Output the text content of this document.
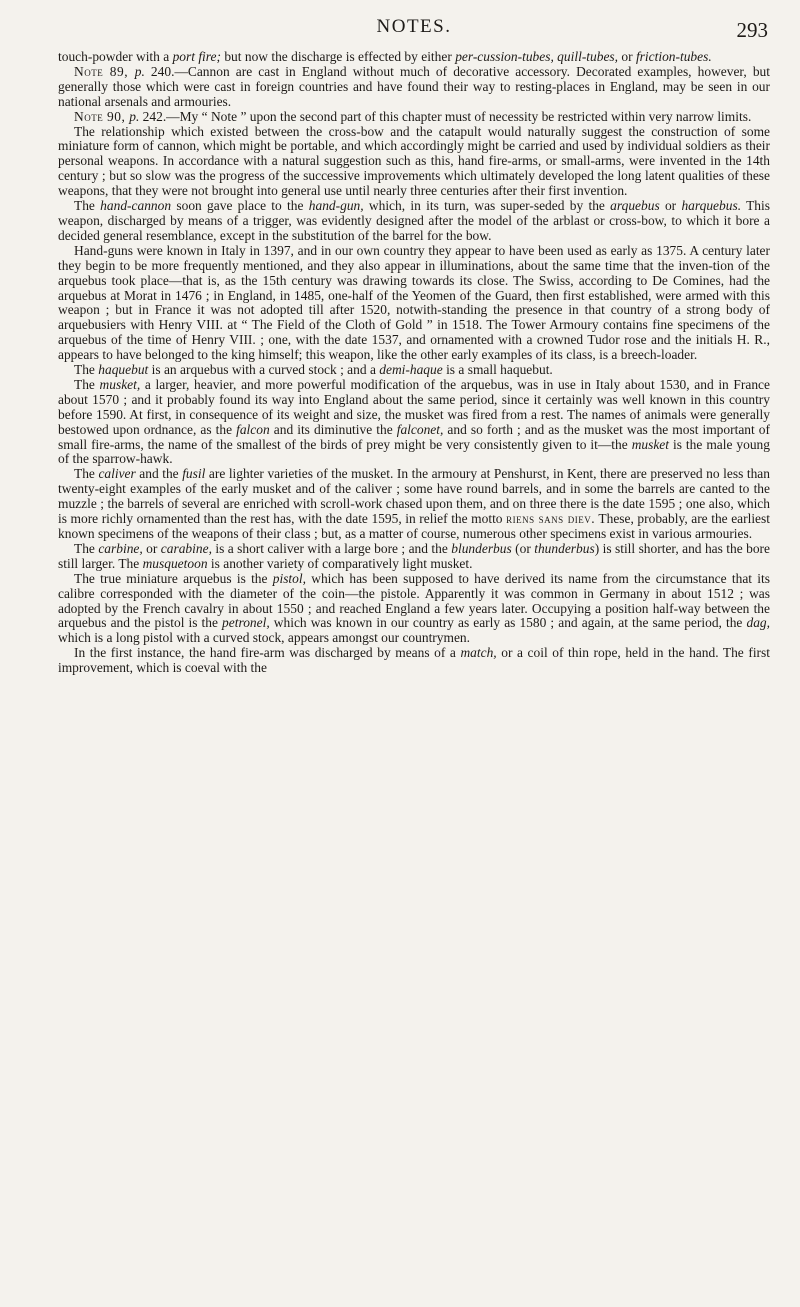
NOTES.	293

touch-powder with a port fire; but now the discharge is effected by either per-cussion-tubes, quill-tubes, or friction-tubes.

Note 89, p. 240.—Cannon are cast in England without much of decorative accessory. Decorated examples, however, but generally those which were cast in foreign countries and have found their way to resting-places in England, may be seen in our national arsenals and armouries.

Note 90, p. 242.—My “ Note ” upon the second part of this chapter must of necessity be restricted within very narrow limits.

The relationship which existed between the cross-bow and the catapult would naturally suggest the construction of some miniature form of cannon, which might be portable, and which accordingly might be carried and used by individual soldiers as their personal weapons. In accordance with a natural suggestion such as this, hand fire-arms, or small-arms, were invented in the 14th century ; but so slow was the progress of the successive improvements which ultimately developed the long latent qualities of these weapons, that they were not brought into general use until nearly three centuries after their first invention.

The hand-cannon soon gave place to the hand-gun, which, in its turn, was super-seded by the arquebus or harquebus. This weapon, discharged by means of a trigger, was evidently designed after the model of the arblast or cross-bow, to which it bore a decided general resemblance, except in the substitution of the barrel for the bow.

Hand-guns were known in Italy in 1397, and in our own country they appear to have been used as early as 1375. A century later they begin to be more frequently mentioned, and they also appear in illuminations, about the same time that the inven-tion of the arquebus took place—that is, as the 15th century was drawing towards its close. The Swiss, according to De Comines, had the arquebus at Morat in 1476 ; in England, in 1485, one-half of the Yeomen of the Guard, then first established, were armed with this weapon ; but in France it was not adopted till after 1520, notwith-standing the presence in that country of a strong body of arquebusiers with Henry VIII. at “ The Field of the Cloth of Gold ” in 1518. The Tower Armoury contains fine specimens of the arquebus of the time of Henry VIII. ; one, with the date 1537, and ornamented with a crowned Tudor rose and the initials H. R., appears to have belonged to the king himself; this weapon, like the other early examples of its class, is a breech-loader.

The haquebut is an arquebus with a curved stock ; and a demi-haque is a small haquebut.

The musket, a larger, heavier, and more powerful modification of the arquebus, was in use in Italy about 1530, and in France about 1570 ; and it probably found its way into England about the same period, since it certainly was well known in this country before 1590. At first, in consequence of its weight and size, the musket was fired from a rest. The names of animals were generally bestowed upon ordnance, as the falcon and its diminutive the falconet, and so forth ; and as the musket was the most important of small fire-arms, the name of the smallest of the birds of prey might be very consistently given to it—the musket is the male young of the sparrow-hawk.

The caliver and the fusil are lighter varieties of the musket. In the armoury at Penshurst, in Kent, there are preserved no less than twenty-eight examples of the early musket and of the caliver ; some have round barrels, and in some the barrels are canted to the muzzle ; the barrels of several are enriched with scroll-work chased upon them, and on three there is the date 1595 ; one also, which is more richly ornamented than the rest has, with the date 1595, in relief the motto riens sans diev. These, probably, are the earliest known specimens of the weapons of their class ; but, as a matter of course, numerous other specimens exist in various armouries.

The carbine, or carabine, is a short caliver with a large bore ; and the blunderbus (or thunderbus) is still shorter, and has the bore still larger. The musquetoon is another variety of comparatively light musket.

The true miniature arquebus is the pistol, which has been supposed to have derived its name from the circumstance that its calibre corresponded with the diameter of the coin—the pistole. Apparently it was common in Germany in about 1512 ; was adopted by the French cavalry in about 1550 ; and reached England a few years later. Occupying a position half-way between the arquebus and the pistol is the petronel, which was known in our country as early as 1580 ; and again, at the same period, the dag, which is a long pistol with a curved stock, appears amongst our countrymen.

In the first instance, the hand fire-arm was discharged by means of a match, or a coil of thin rope, held in the hand. The first improvement, which is coeval with the
